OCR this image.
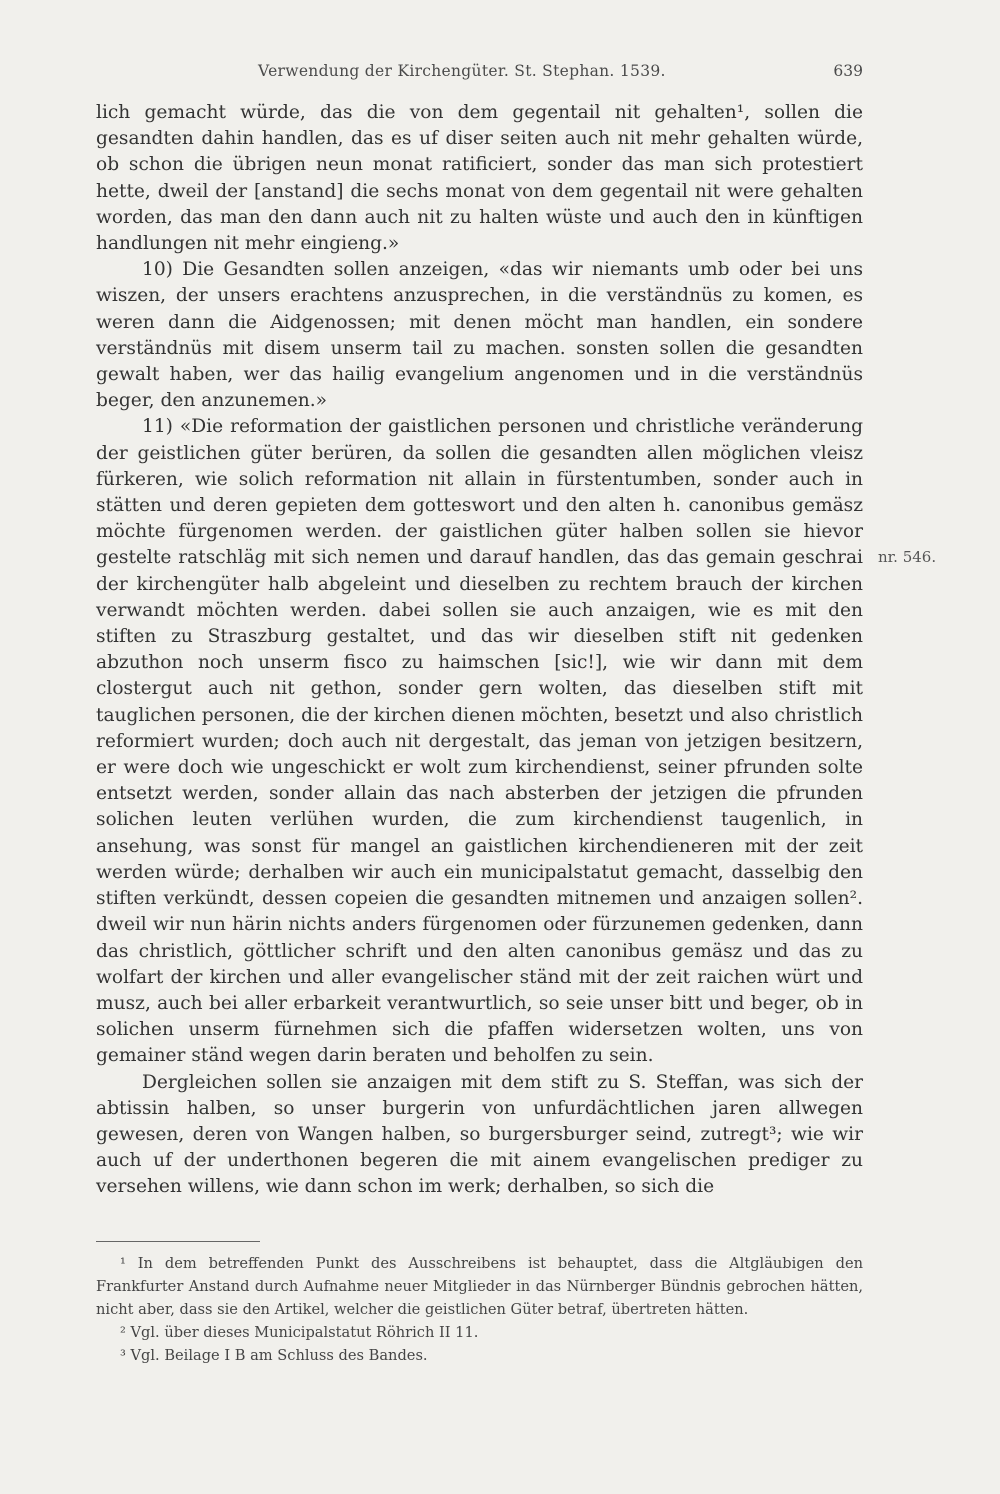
Verwendung der Kirchengüter. St. Stephan. 1539.	639

lich gemacht würde, das die von dem gegentail nit gehalten¹, sollen die gesandten dahin handlen, das es uf diser seiten auch nit mehr gehalten würde, ob schon die übrigen neun monat ratificiert, sonder das man sich protestiert hette, dweil der [anstand] die sechs monat von dem gegentail nit were gehalten worden, das man den dann auch nit zu halten wüste und auch den in künftigen handlungen nit mehr eingieng.»

10) Die Gesandten sollen anzeigen, «das wir niemants umb oder bei uns wiszen, der unsers erachtens anzusprechen, in die verständnüs zu komen, es weren dann die Aidgenossen; mit denen möcht man handlen, ein sondere verständnüs mit disem unserm tail zu machen. sonsten sollen die gesandten gewalt haben, wer das hailig evangelium angenomen und in die verständnüs beger, den anzunemen.»

11) «Die reformation der gaistlichen personen und christliche veränderung der geistlichen güter berüren, da sollen die gesandten allen möglichen vleisz fürkeren, wie solich reformation nit allain in fürstentumben, sonder auch in stätten und deren gepieten dem gotteswort und den alten h. canonibus gemäsz möchte fürgenomen werden. der gaistlichen güter halben sollen sie hievor gestelte ratschläg mit sich nemen und darauf handlen, das das gemain geschrai der kirchengüter halb abgeleint und dieselben zu rechtem brauch der kirchen verwandt möchten werden. dabei sollen sie auch anzaigen, wie es mit den stiften zu Straszburg gestaltet, und das wir dieselben stift nit gedenken abzuthon noch unserm fisco zu haimschen [sic!], wie wir dann mit dem clostergut auch nit gethon, sonder gern wolten, das dieselben stift mit tauglichen personen, die der kirchen dienen möchten, besetzt und also christlich reformiert wurden; doch auch nit dergestalt, das jeman von jetzigen besitzern, er were doch wie ungeschickt er wolt zum kirchendienst, seiner pfrunden solte entsetzt werden, sonder allain das nach absterben der jetzigen die pfrunden solichen leuten verlühen wurden, die zum kirchendienst taugenlich, in ansehung, was sonst für mangel an gaistlichen kirchendieneren mit der zeit werden würde; derhalben wir auch ein municipalstatut gemacht, dasselbig den stiften verkündt, dessen copeien die gesandten mitnemen und anzaigen sollen². dweil wir nun härin nichts anders fürgenomen oder fürzunemen gedenken, dann das christlich, göttlicher schrift und den alten canonibus gemäsz und das zu wolfart der kirchen und aller evangelischer ständ mit der zeit raichen würt und musz, auch bei aller erbarkeit verantwurtlich, so seie unser bitt und beger, ob in solichen unserm fürnehmen sich die pfaffen widersetzen wolten, uns von gemainer ständ wegen darin beraten und beholfen zu sein.

Dergleichen sollen sie anzaigen mit dem stift zu S. Steffan, was sich der abtissin halben, so unser burgerin von unfurdächtlichen jaren allwegen gewesen, deren von Wangen halben, so burgersburger seind, zutregt³; wie wir auch uf der underthonen begeren die mit ainem evangelischen prediger zu versehen willens, wie dann schon im werk; derhalben, so sich die

nr. 546.

¹ In dem betreffenden Punkt des Ausschreibens ist behauptet, dass die Altgläubigen den Frankfurter Anstand durch Aufnahme neuer Mitglieder in das Nürnberger Bündnis gebrochen hätten, nicht aber, dass sie den Artikel, welcher die geistlichen Güter betraf, übertreten hätten.

² Vgl. über dieses Municipalstatut Röhrich II 11.

³ Vgl. Beilage I B am Schluss des Bandes.
